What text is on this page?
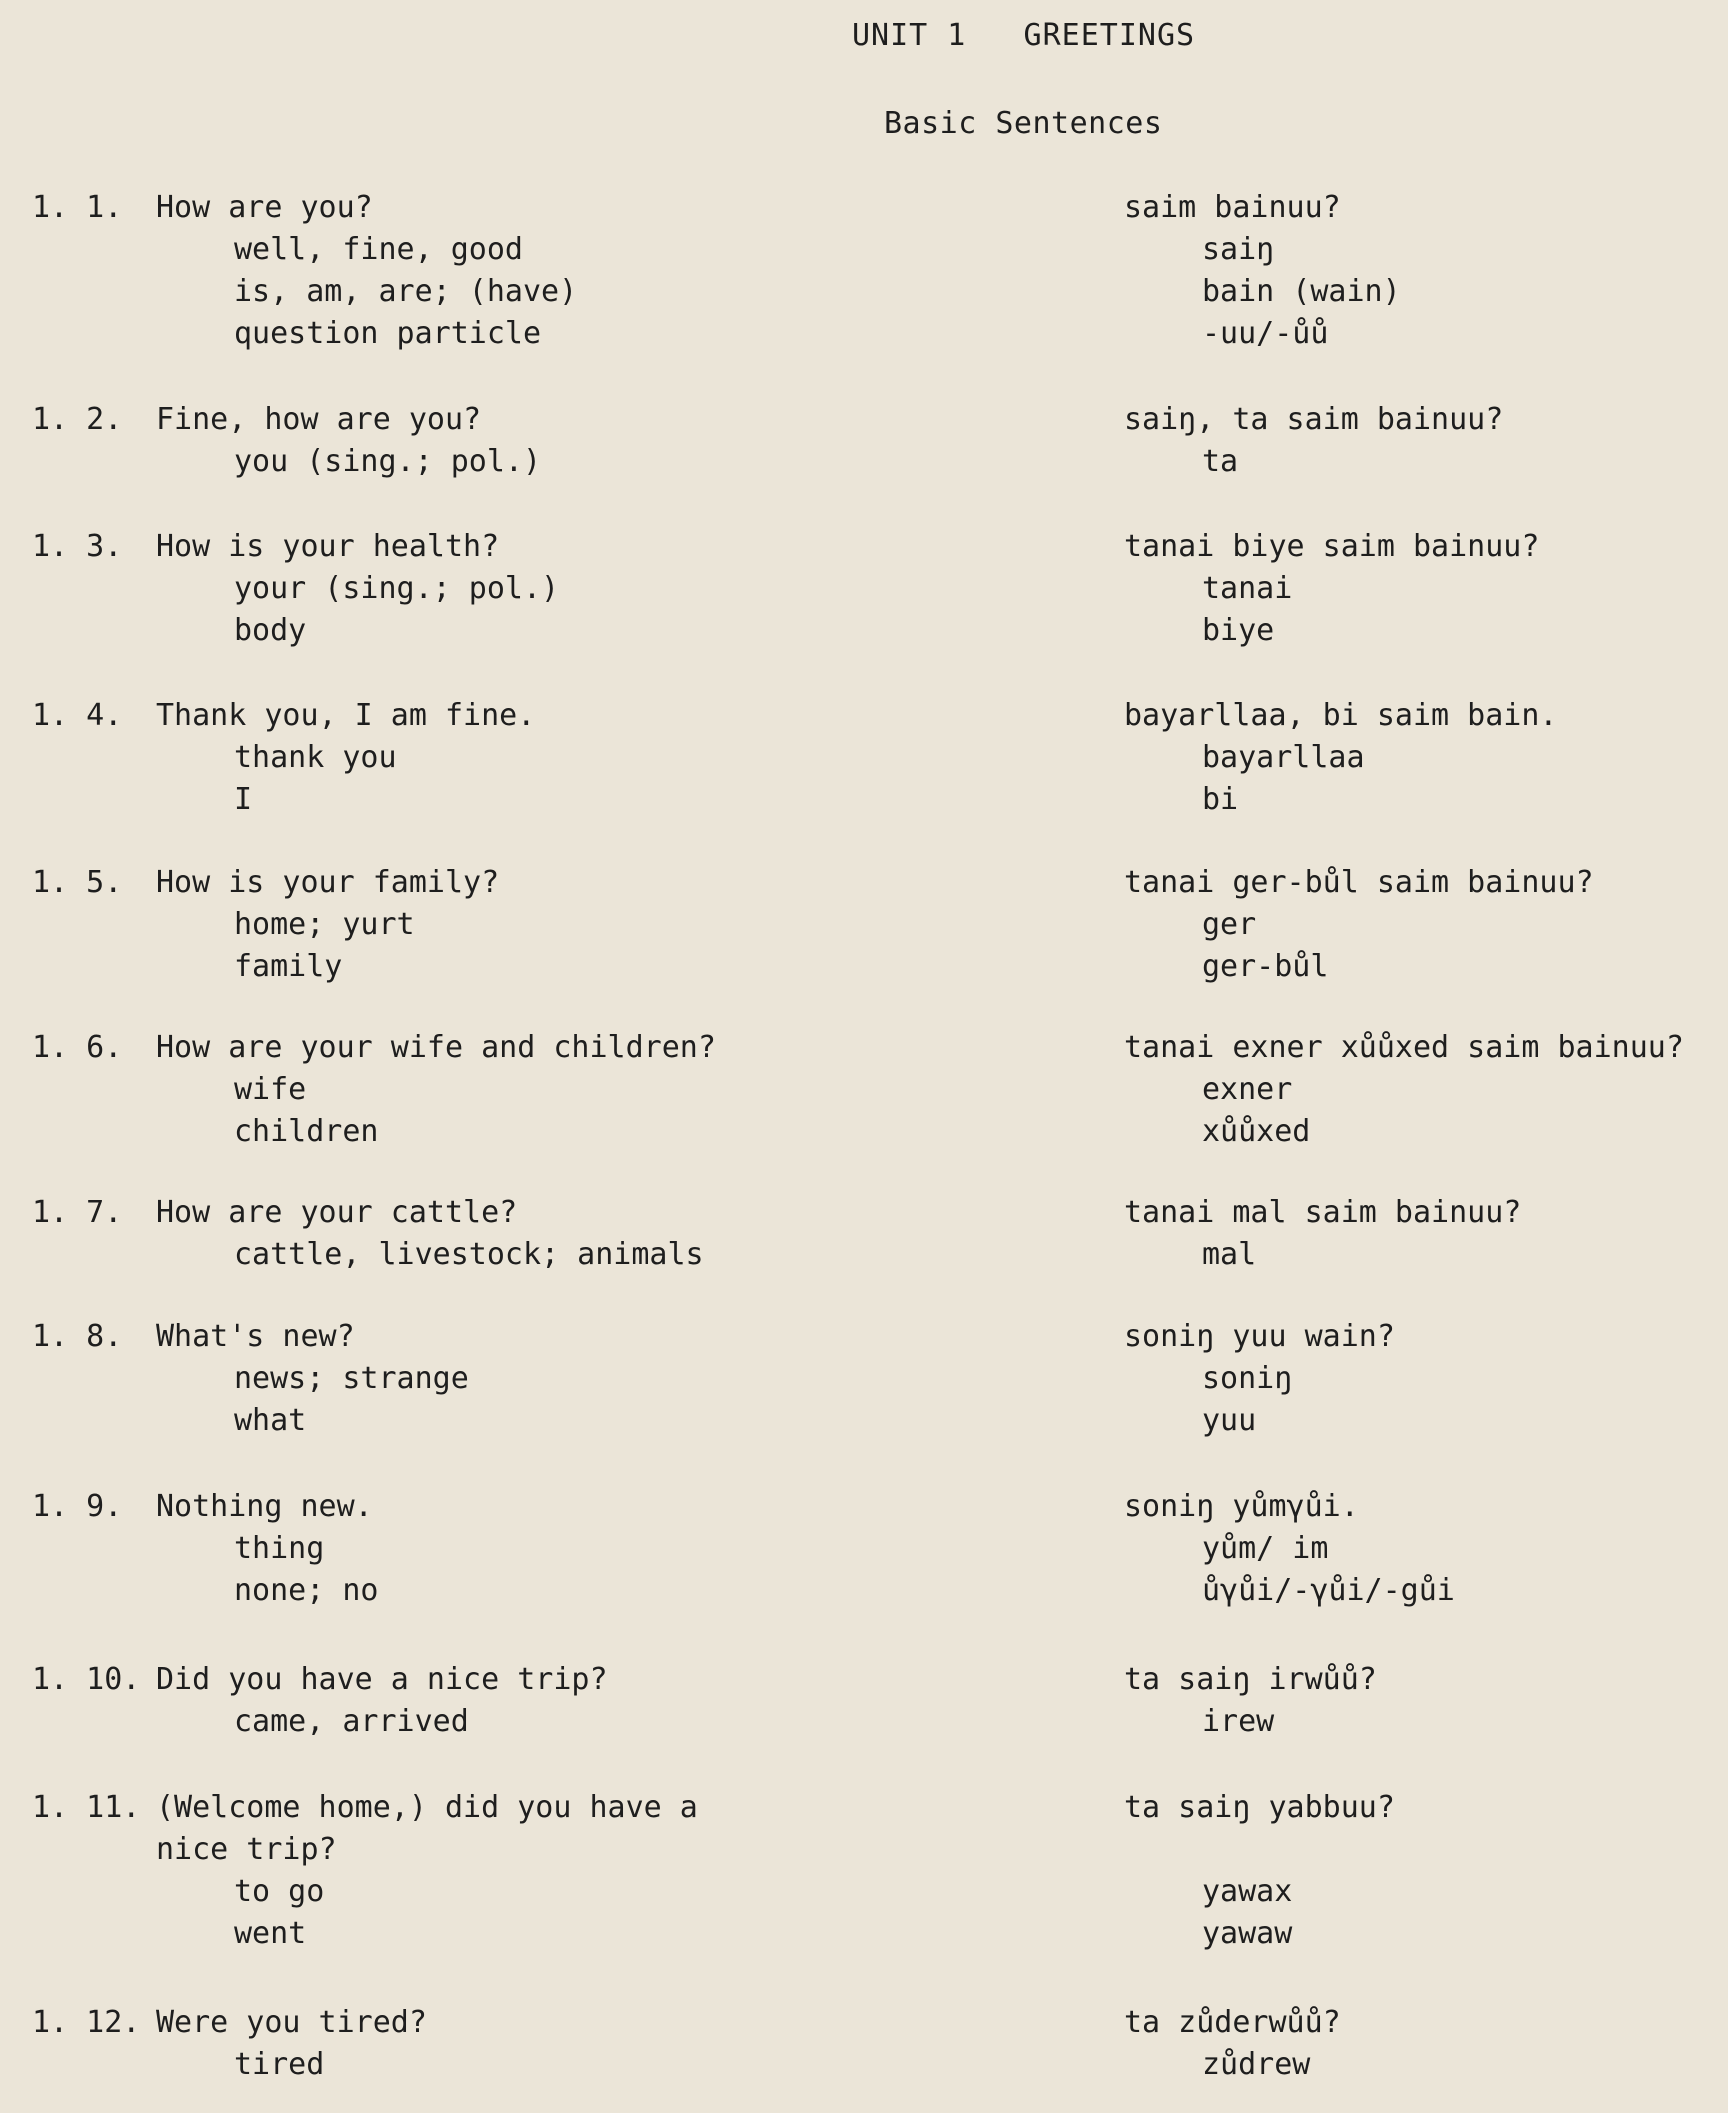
UNIT 1   GREETINGS
Basic Sentences
1. 1. How are you?
well, fine, good
is, am, are; (have)
question particle
saim bainuu?
saiŋ
bain (wain)
-uu/-ůů
1. 2. Fine, how are you?
you (sing.; pol.)
saiŋ, ta saim bainuu?
ta
1. 3. How is your health?
your (sing.; pol.)
body
tanai biye saim bainuu?
tanai
biye
1. 4. Thank you, I am fine.
thank you
I
bayarllaa, bi saim bain.
bayarllaa
bi
1. 5. How is your family?
home; yurt
family
tanai ger-bůl saim bainuu?
ger
ger-bůl
1. 6. How are your wife and children?
wife
children
tanai exner xůůxed saim bainuu?
exner
xůůxed
1. 7. How are your cattle?
cattle, livestock; animals
tanai mal saim bainuu?
mal
1. 8. What's new?
news; strange
what
soniŋ yuu wain?
soniŋ
yuu
1. 9. Nothing new.
thing
none; no
soniŋ yůmγůi.
yům/ im
ůγůi/-γůi/-gůi
1. 10. Did you have a nice trip?
came, arrived
ta saiŋ irwůů?
irew
1. 11. (Welcome home,) did you have a
nice trip?
to go
went
ta saiŋ yabbuu?
yawax
yawaw
1. 12. Were you tired?
tired
ta zůderwůů?
zůdrew
